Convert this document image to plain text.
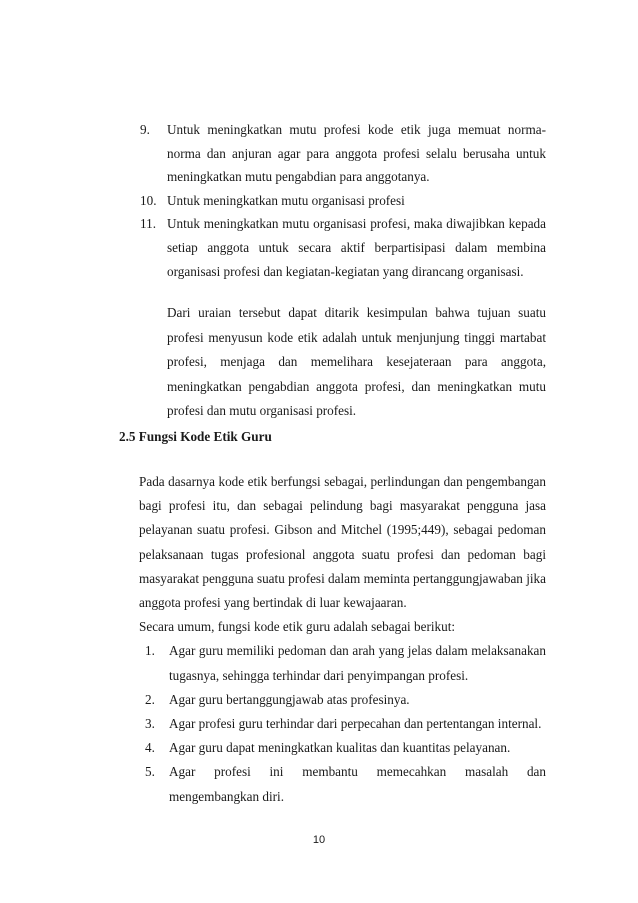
9. Untuk meningkatkan mutu profesi kode etik juga memuat norma-norma dan anjuran agar para anggota profesi selalu berusaha untuk meningkatkan mutu pengabdian para anggotanya.
10. Untuk meningkatkan mutu organisasi profesi
11. Untuk meningkatkan mutu organisasi profesi, maka diwajibkan kepada setiap anggota untuk secara aktif berpartisipasi dalam membina organisasi profesi dan kegiatan-kegiatan yang dirancang organisasi.
Dari uraian tersebut dapat ditarik kesimpulan bahwa tujuan suatu profesi menyusun kode etik adalah untuk menjunjung tinggi martabat profesi, menjaga dan memelihara kesejateraan para anggota, meningkatkan pengabdian anggota profesi, dan meningkatkan mutu profesi dan mutu organisasi profesi.
2.5 Fungsi Kode Etik Guru
Pada dasarnya kode etik berfungsi sebagai, perlindungan dan pengembangan bagi profesi itu, dan sebagai pelindung bagi masyarakat pengguna jasa pelayanan suatu profesi. Gibson and Mitchel (1995;449), sebagai pedoman pelaksanaan tugas profesional anggota suatu profesi dan pedoman bagi masyarakat pengguna suatu profesi dalam meminta pertanggungjawaban jika anggota profesi yang bertindak di luar kewajaaran.
Secara umum, fungsi kode etik guru adalah sebagai berikut:
1. Agar guru memiliki pedoman dan arah yang jelas dalam melaksanakan tugasnya, sehingga terhindar dari penyimpangan profesi.
2. Agar guru bertanggungjawab atas profesinya.
3. Agar profesi guru terhindar dari perpecahan dan pertentangan internal.
4. Agar guru dapat meningkatkan kualitas dan kuantitas pelayanan.
5. Agar profesi ini membantu memecahkan masalah dan mengembangkan diri.
10
